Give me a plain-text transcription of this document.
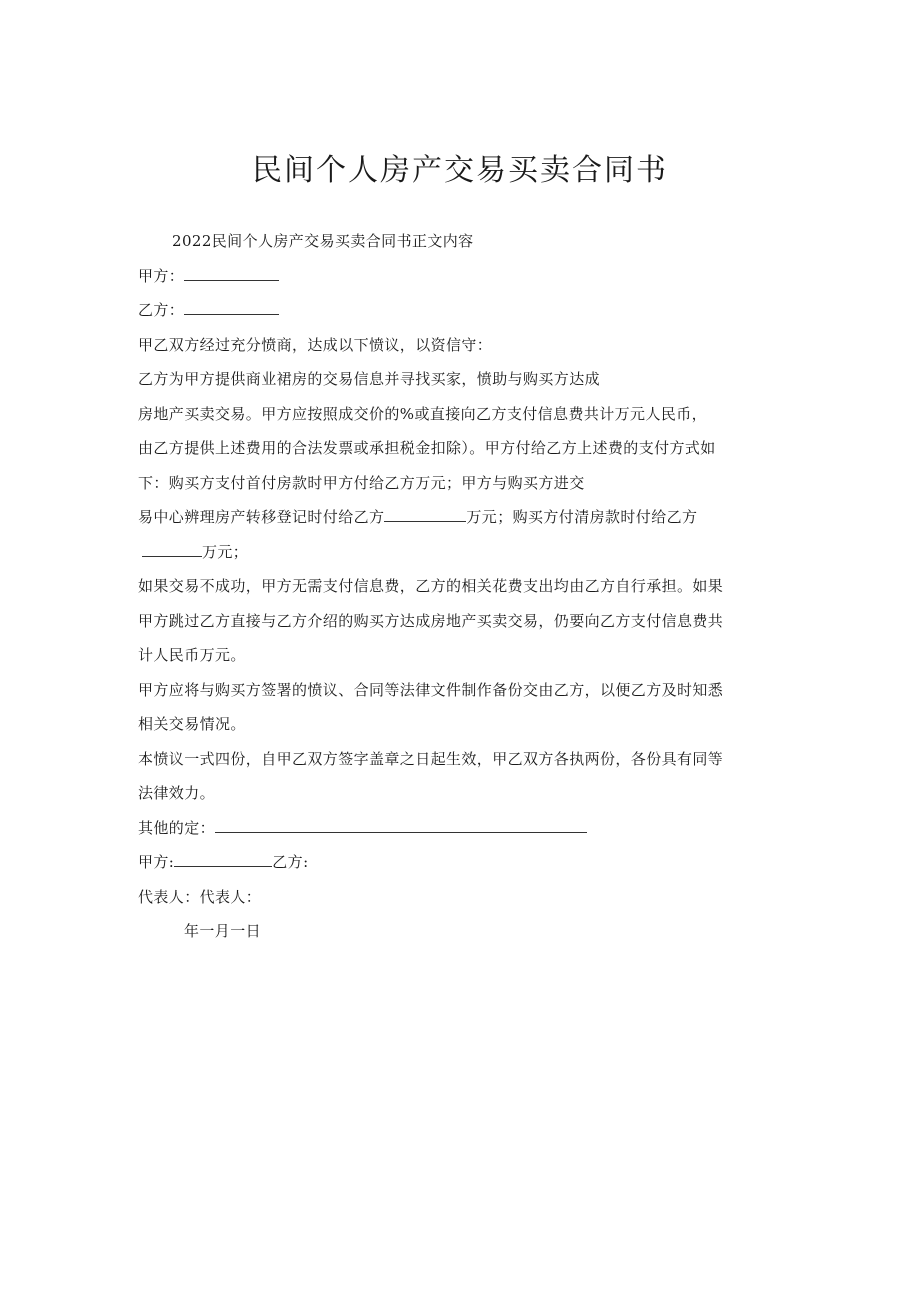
民间个人房产交易买卖合同书
2022民间个人房产交易买卖合同书正文内容
甲方：
乙方：
甲乙双方经过充分愤商，达成以下愤议，以资信守：
乙方为甲方提供商业裙房的交易信息并寻找买家，愤助与购买方达成
房地产买卖交易。甲方应按照成交价的%或直接向乙方支付信息费共计万元人民币，
由乙方提供上述费用的合法发票或承担税金扣除）。甲方付给乙方上述费的支付方式如
下：购买方支付首付房款时甲方付给乙方万元；甲方与购买方进交
易中心辨理房产转移登记时付给乙方	万元；购买方付清房款时付给乙方
万元；
如果交易不成功，甲方无需支付信息费，乙方的相关花费支出均由乙方自行承担。如果
甲方跳过乙方直接与乙方介绍的购买方达成房地产买卖交易，仍要向乙方支付信息费共
计人民币万元。
甲方应将与购买方签署的愤议、合同等法律文件制作备份交由乙方，以便乙方及时知悉
相关交易情况。
本愤议一式四份，自甲乙双方签字盖章之日起生效，甲乙双方各执两份，各份具有同等
法律效力。
其他的定：
甲方:	乙方:
代表人：代表人：
年一月一日
